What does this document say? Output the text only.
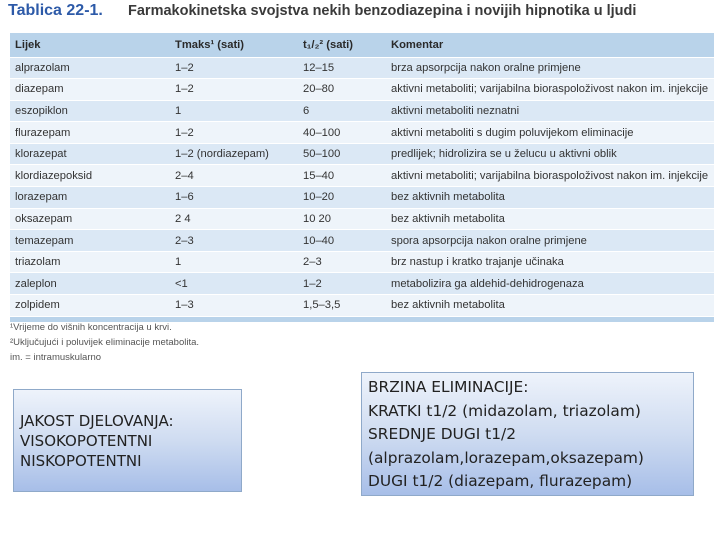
Tablica 22-1. Farmakokinetska svojstva nekih benzodiazepina i novijih hipnotika u ljudi
Lijek	Tmaks¹ (sati)	t₁/₂² (sati)	Komentar
alprazolam	1–2	12–15	brza apsorpcija nakon oralne primjene
diazepam	1–2	20–80	aktivni metaboliti; varijabilna bioraspoloživost nakon im. injekcije
eszopiklon	1	6	aktivni metaboliti neznatni
flurazepam	1–2	40–100	aktivni metaboliti s dugim poluvijekom eliminacije
klorazepat	1–2 (nordiazepam)	50–100	predlijek; hidrolizira se u želucu u aktivni oblik
klordiazepoksid	2–4	15–40	aktivni metaboliti; varijabilna bioraspoloživost nakon im. injekcije
lorazepam	1–6	10–20	bez aktivnih metabolita
oksazepam	2 4	10 20	bez aktivnih metabolita
temazepam	2–3	10–40	spora apsorpcija nakon oralne primjene
triazolam	1	2–3	brz nastup i kratko trajanje učinaka
zaleplon	<1	1–2	metabolizira ga aldehid-dehidrogenaza
zolpidem	1–3	1,5–3,5	bez aktivnih metabolita

¹Vrijeme do višnih koncentracija u krvi.
²Uključujući i poluvijek eliminacije metabolita.
im. = intramuskularno
JAKOST DJELOVANJA:
VISOKOPOTENTNI
NISKOPOTENTNI
BRZINA ELIMINACIJE:
KRATKI t1/2 (midazolam, triazolam)
SREDNJE DUGI t1/2
(alprazolam,lorazepam,oksazepam)
DUGI t1/2 (diazepam, flurazepam)
